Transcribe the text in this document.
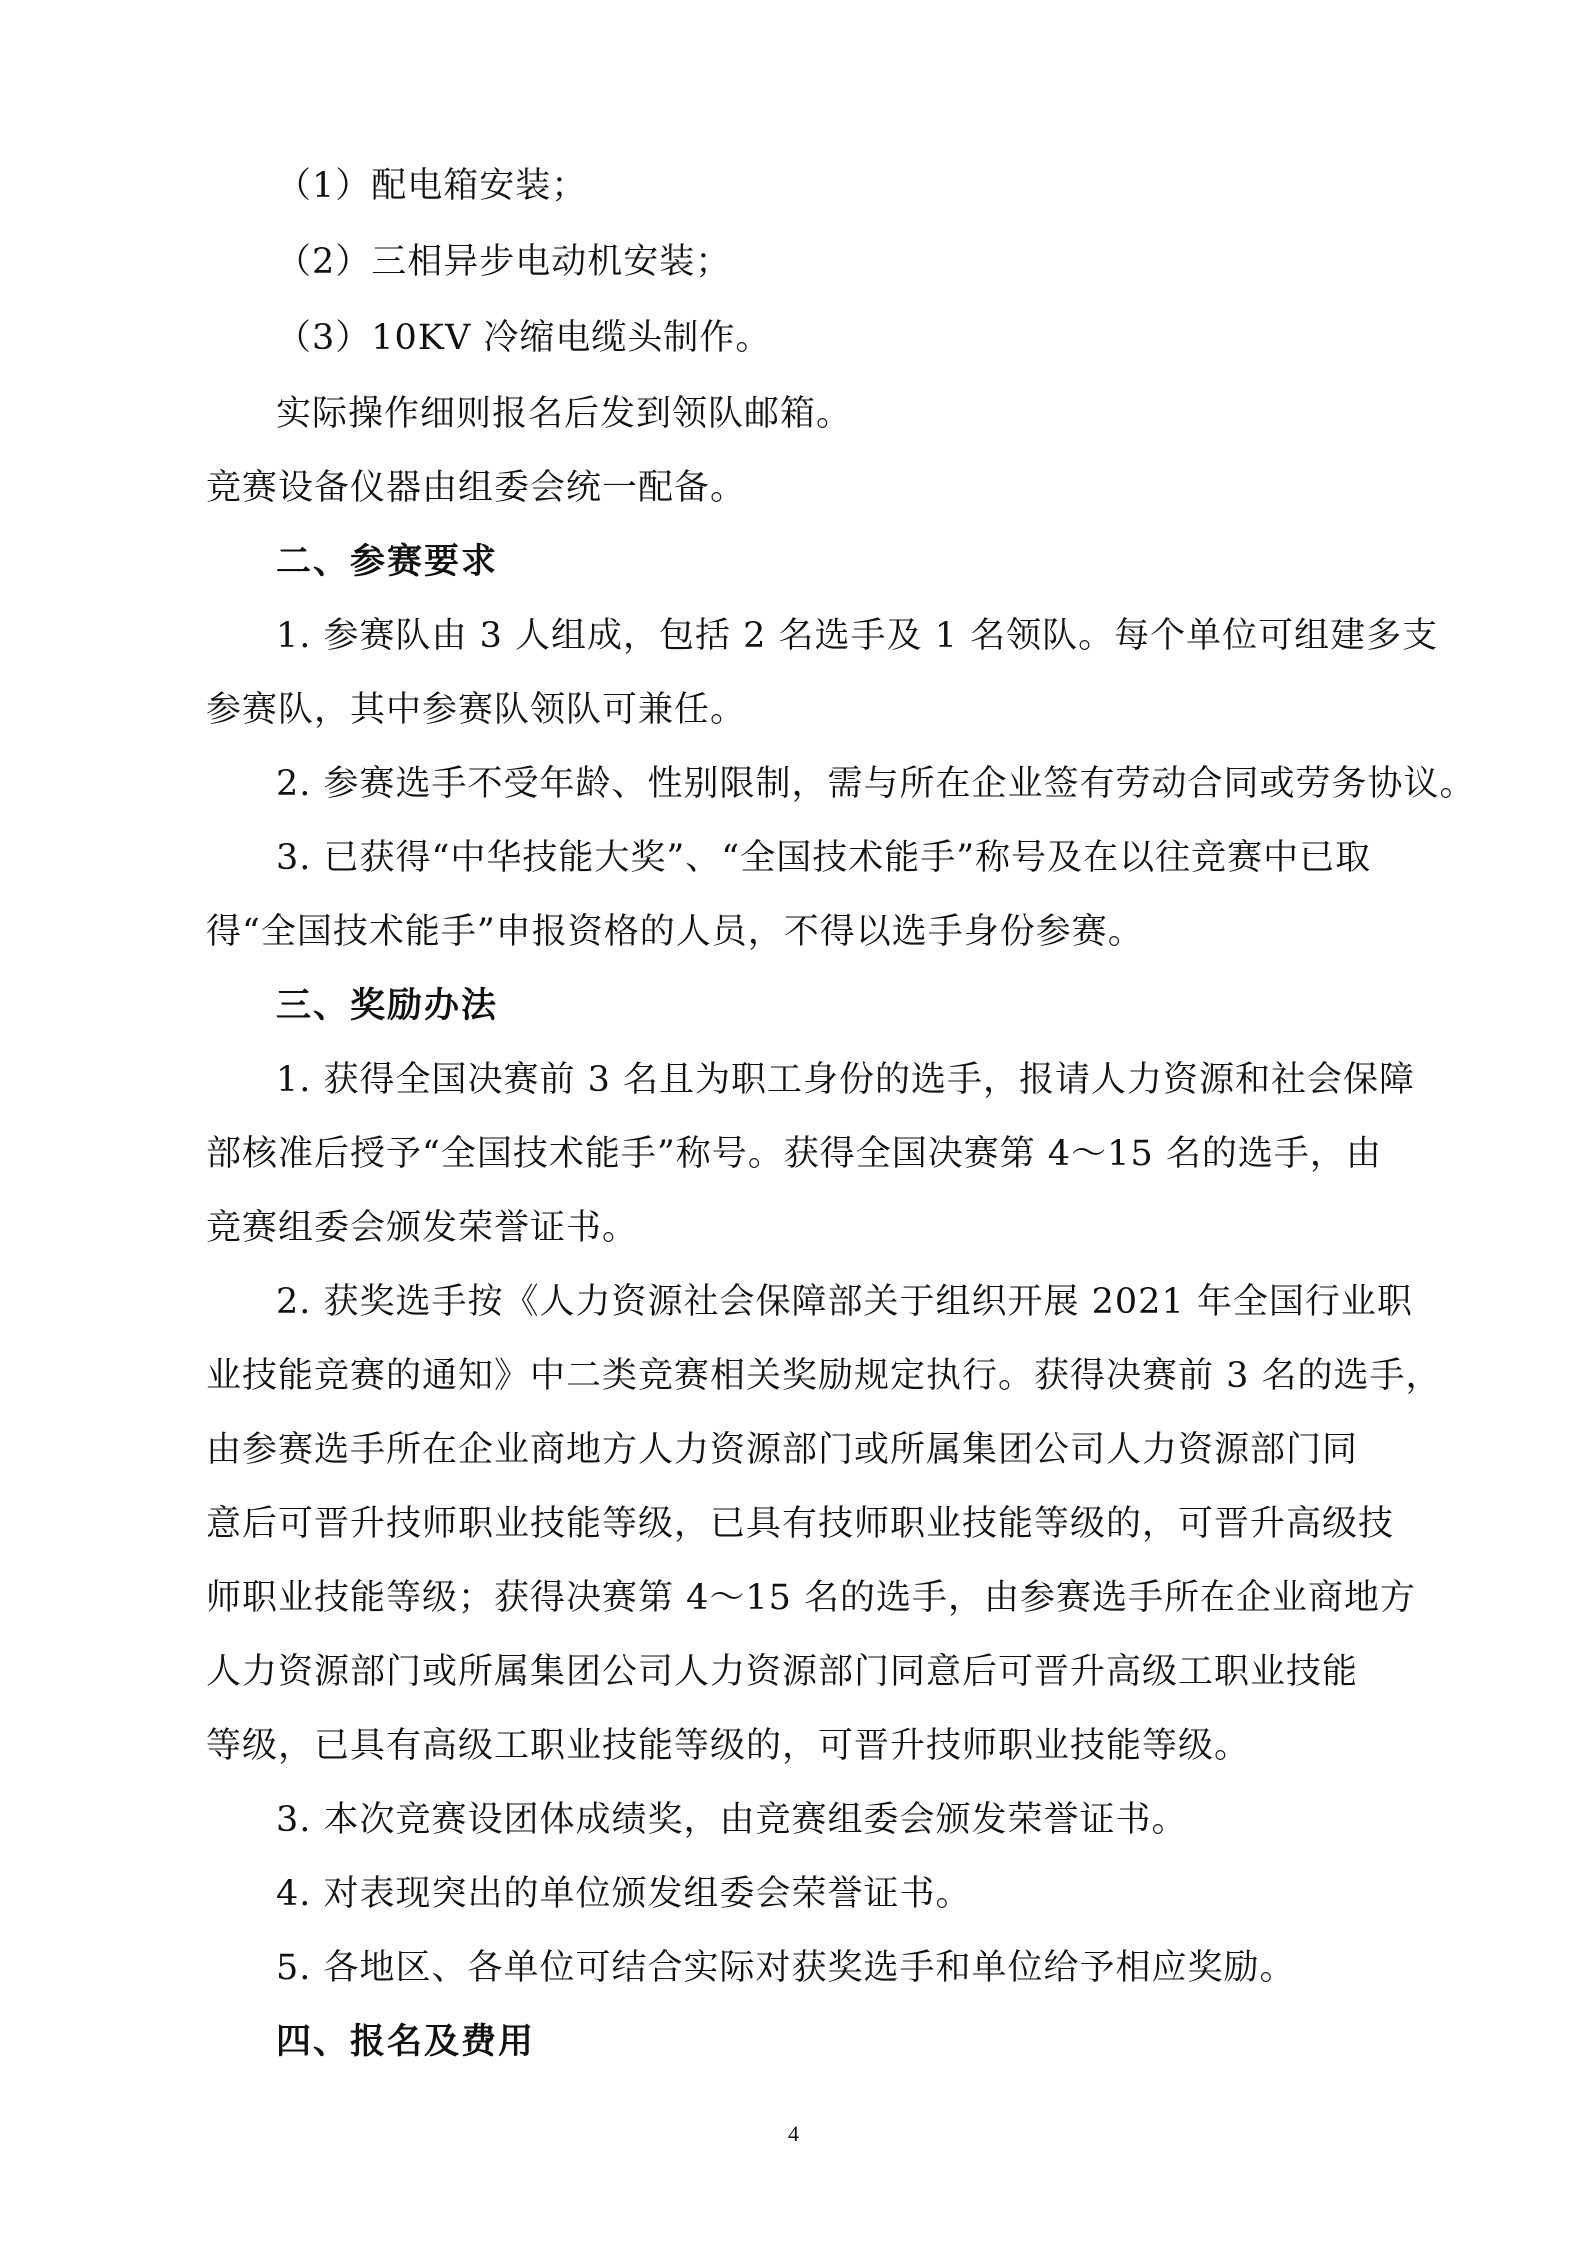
（1）配电箱安装；
（2）三相异步电动机安装；
（3）10KV 冷缩电缆头制作。
实际操作细则报名后发到领队邮箱。
竞赛设备仪器由组委会统一配备。
二、参赛要求
1. 参赛队由 3 人组成，包括 2 名选手及 1 名领队。每个单位可组建多支
参赛队，其中参赛队领队可兼任。
2. 参赛选手不受年龄、性别限制，需与所在企业签有劳动合同或劳务协议。
3. 已获得“中华技能大奖”、“全国技术能手”称号及在以往竞赛中已取
得“全国技术能手”申报资格的人员，不得以选手身份参赛。
三、奖励办法
1. 获得全国决赛前 3 名且为职工身份的选手，报请人力资源和社会保障
部核准后授予“全国技术能手”称号。获得全国决赛第 4～15 名的选手，由
竞赛组委会颁发荣誉证书。
2. 获奖选手按《人力资源社会保障部关于组织开展 2021 年全国行业职
业技能竞赛的通知》中二类竞赛相关奖励规定执行。获得决赛前 3 名的选手，
由参赛选手所在企业商地方人力资源部门或所属集团公司人力资源部门同
意后可晋升技师职业技能等级，已具有技师职业技能等级的，可晋升高级技
师职业技能等级；获得决赛第 4～15 名的选手，由参赛选手所在企业商地方
人力资源部门或所属集团公司人力资源部门同意后可晋升高级工职业技能
等级，已具有高级工职业技能等级的，可晋升技师职业技能等级。
3. 本次竞赛设团体成绩奖，由竞赛组委会颁发荣誉证书。
4. 对表现突出的单位颁发组委会荣誉证书。
5. 各地区、各单位可结合实际对获奖选手和单位给予相应奖励。
四、报名及费用
4
